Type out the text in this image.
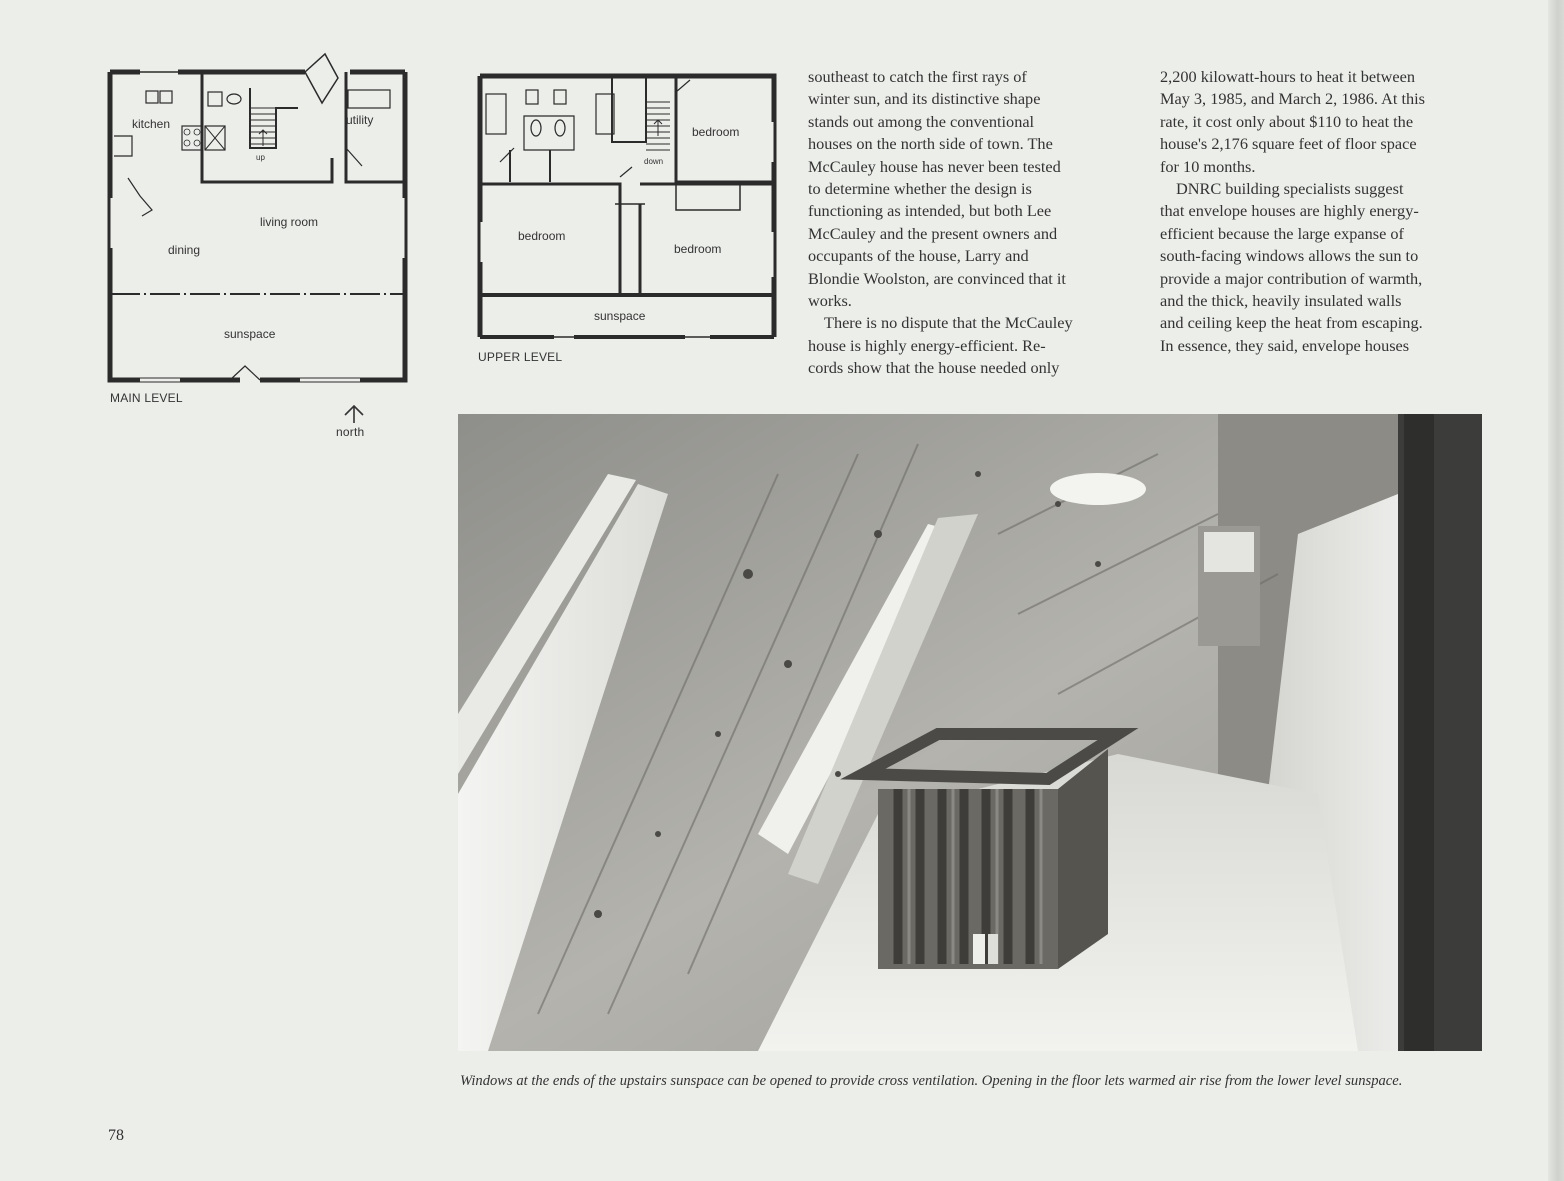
kitchen	utility
up
living room
dining
sunspace
MAIN LEVEL
north
bedroom
down
bedroom
bedroom
sunspace
UPPER LEVEL

southeast to catch the first rays of

winter sun, and its distinctive shape

stands out among the conventional

houses on the north side of town. The

McCauley house has never been tested

to determine whether the design is

functioning as intended, but both Lee

McCauley and the present owners and

occupants of the house, Larry and

Blondie Woolston, are convinced that it

works.

There is no dispute that the McCauley

house is highly energy-efficient. Re-

cords show that the house needed only

2,200 kilowatt-hours to heat it between

May 3, 1985, and March 2, 1986. At this

rate, it cost only about $110 to heat the

house's 2,176 square feet of floor space

for 10 months.

DNRC building specialists suggest

that envelope houses are highly energy-

efficient because the large expanse of

south-facing windows allows the sun to

provide a major contribution of warmth,

and the thick, heavily insulated walls

and ceiling keep the heat from escaping.

In essence, they said, envelope houses

Windows at the ends of the upstairs sunspace can be opened to provide cross ventilation. Opening in the floor lets warmed air rise from the lower level sunspace.
78
